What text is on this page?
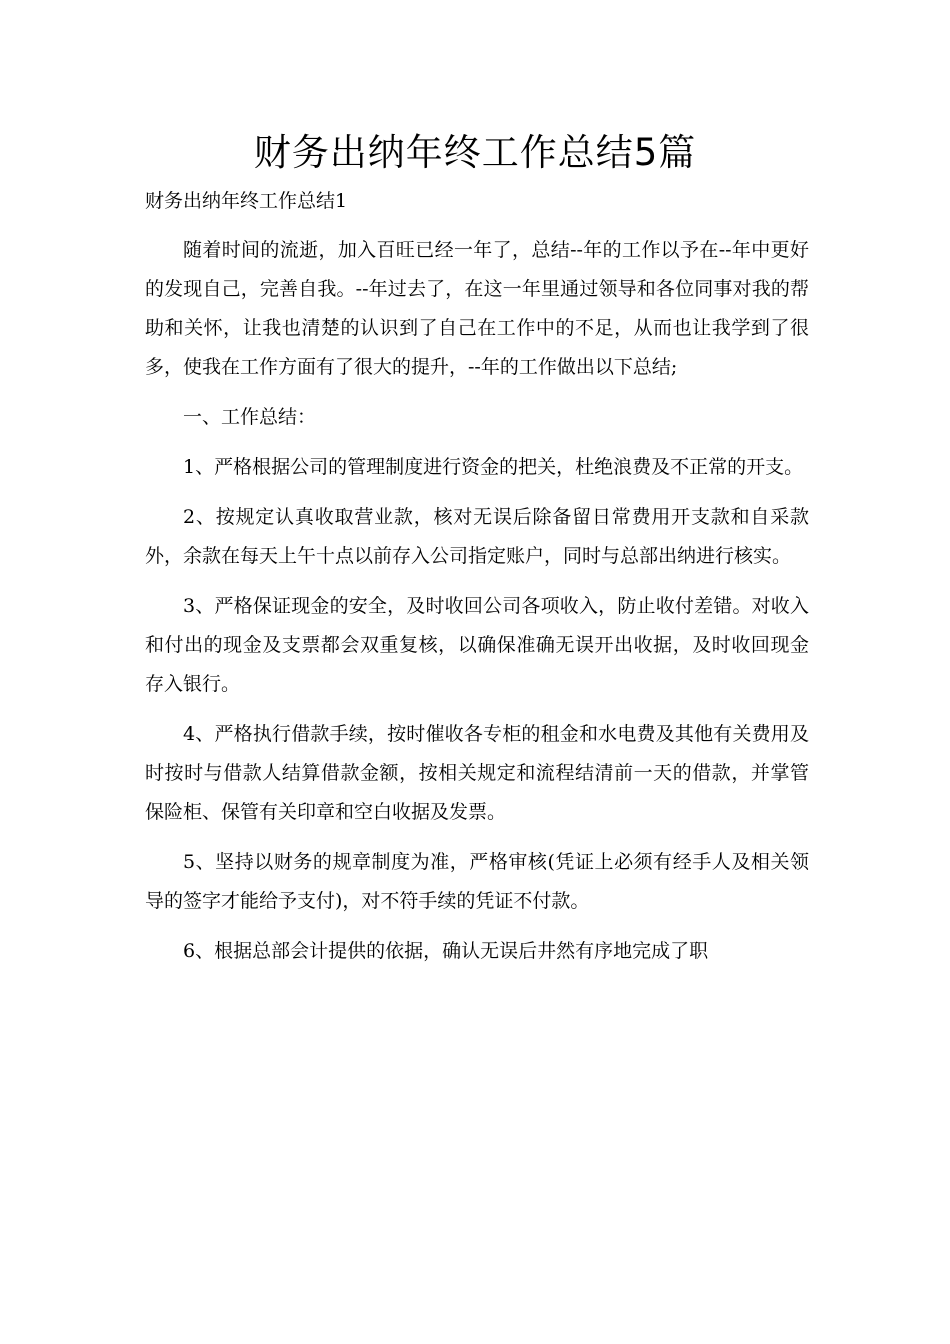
财务出纳年终工作总结5篇
财务出纳年终工作总结1

随着时间的流逝，加入百旺已经一年了，总结--年的工作以予在--年中更好的发现自己，完善自我。--年过去了，在这一年里通过领导和各位同事对我的帮助和关怀，让我也清楚的认识到了自己在工作中的不足，从而也让我学到了很多，使我在工作方面有了很大的提升，--年的工作做出以下总结;

一、工作总结：

1、严格根据公司的管理制度进行资金的把关，杜绝浪费及不正常的开支。

2、按规定认真收取营业款，核对无误后除备留日常费用开支款和自采款外，余款在每天上午十点以前存入公司指定账户，同时与总部出纳进行核实。

3、严格保证现金的安全，及时收回公司各项收入，防止收付差错。对收入和付出的现金及支票都会双重复核，以确保准确无误开出收据，及时收回现金存入银行。

4、严格执行借款手续，按时催收各专柜的租金和水电费及其他有关费用及时按时与借款人结算借款金额，按相关规定和流程结清前一天的借款，并掌管保险柜、保管有关印章和空白收据及发票。

5、坚持以财务的规章制度为准，严格审核(凭证上必须有经手人及相关领导的签字才能给予支付)，对不符手续的凭证不付款。

6、根据总部会计提供的依据，确认无误后井然有序地完成了职
